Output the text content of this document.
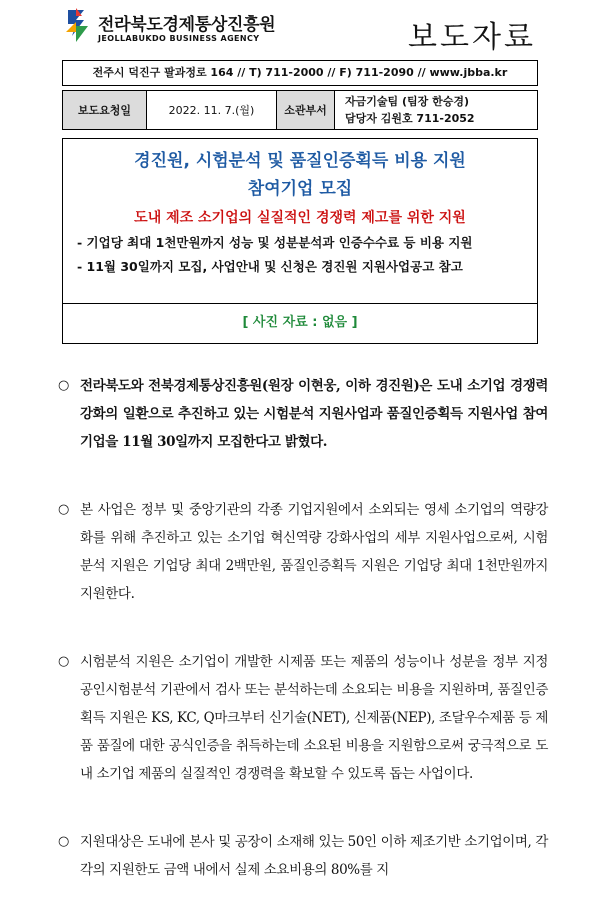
전라북도경제통상진흥원
JEOLLABUKDO BUSINESS AGENCY	보도자료
전주시 덕진구 팔과정로 164 // T) 711-2000 // F) 711-2090 // www.jbba.kr
보도요청일	2022. 11. 7.(월)	소관부서
자금기술팀 (팀장 한승경)
담당자 김원호 711-2052
경진원, 시험분석 및 품질인증획득 비용 지원
참여기업 모집
도내 제조 소기업의 실질적인 경쟁력 제고를 위한 지원
- 기업당 최대 1천만원까지 성능 및 성분분석과 인증수수료 등 비용 지원
- 11월 30일까지 모집, 사업안내 및 신청은 경진원 지원사업공고 참고
[ 사진 자료 : 없음 ]
○ 전라북도와 전북경제통상진흥원(원장 이현웅, 이하 경진원)은 도내 소기업 경쟁력 강화의 일환으로 추진하고 있는 시험분석 지원사업과 품질인증획득 지원사업 참여기업을 11월 30일까지 모집한다고 밝혔다.
○ 본 사업은 정부 및 중앙기관의 각종 기업지원에서 소외되는 영세 소기업의 역량강화를 위해 추진하고 있는 소기업 혁신역량 강화사업의 세부 지원사업으로써, 시험분석 지원은 기업당 최대 2백만원, 품질인증획득 지원은 기업당 최대 1천만원까지 지원한다.
○ 시험분석 지원은 소기업이 개발한 시제품 또는 제품의 성능이나 성분을 정부 지정 공인시험분석 기관에서 검사 또는 분석하는데 소요되는 비용을 지원하며, 품질인증획득 지원은 KS, KC, Q마크부터 신기술(NET), 신제품(NEP), 조달우수제품 등 제품 품질에 대한 공식인증을 취득하는데 소요된 비용을 지원함으로써 궁극적으로 도내 소기업 제품의 실질적인 경쟁력을 확보할 수 있도록 돕는 사업이다.
○ 지원대상은 도내에 본사 및 공장이 소재해 있는 50인 이하 제조기반 소기업이며, 각각의 지원한도 금액 내에서 실제 소요비용의 80%를 지
